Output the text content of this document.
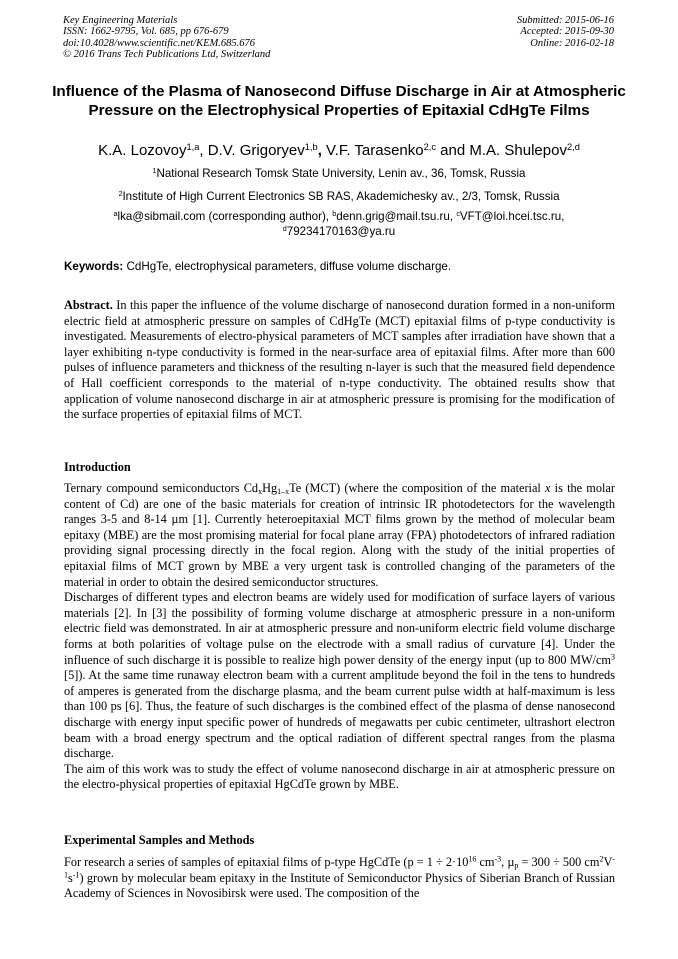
Key Engineering Materials
ISSN: 1662-9795, Vol. 685, pp 676-679
doi:10.4028/www.scientific.net/KEM.685.676
© 2016 Trans Tech Publications Ltd, Switzerland
Submitted: 2015-06-16
Accepted: 2015-09-30
Online: 2016-02-18
Influence of the Plasma of Nanosecond Diffuse Discharge in Air at Atmospheric Pressure on the Electrophysical Properties of Epitaxial CdHgTe Films
K.A. Lozovoy$^{1,a}$, D.V. Grigoryev$^{1,b}$, V.F. Tarasenko$^{2,c}$ and M.A. Shulepov$^{2,d}$
$^1$National Research Tomsk State University, Lenin av., 36, Tomsk, Russia
$^2$Institute of High Current Electronics SB RAS, Akademichesky av., 2/3, Tomsk, Russia
$^a$lka@sibmail.com (corresponding author), $^b$denn.grig@mail.tsu.ru, $^c$VFT@loi.hcei.tsc.ru,
$^d$79234170163@ya.ru
Keywords: CdHgTe, electrophysical parameters, diffuse volume discharge.

Abstract. In this paper the influence of the volume discharge of nanosecond duration formed in a non-uniform electric field at atmospheric pressure on samples of CdHgTe (MCT) epitaxial films of p-type conductivity is investigated. Measurements of electro-physical parameters of MCT samples after irradiation have shown that a layer exhibiting n-type conductivity is formed in the near-surface area of epitaxial films. After more than 600 pulses of influence parameters and thickness of the resulting n-layer is such that the measured field dependence of Hall coefficient corresponds to the material of n-type conductivity. The obtained results show that application of volume nanosecond discharge in air at atmospheric pressure is promising for the modification of the surface properties of epitaxial films of MCT.

Introduction

Ternary compound semiconductors $Cd_xHg_{1-x}Te$ (MCT) (where the composition of the material x is the molar content of Cd) are one of the basic materials for creation of intrinsic IR photodetectors for the wavelength ranges 3-5 and 8-14 µm [1]. Currently heteroepitaxial MCT films grown by the method of molecular beam epitaxy (MBE) are the most promising material for focal plane array (FPA) photodetectors of infrared radiation providing signal processing directly in the focal region. Along with the study of the initial properties of epitaxial films of MCT grown by MBE a very urgent task is controlled changing of the parameters of the material in order to obtain the desired semiconductor structures.

Discharges of different types and electron beams are widely used for modification of surface layers of various materials [2]. In [3] the possibility of forming volume discharge at atmospheric pressure in a non-uniform electric field was demonstrated. In air at atmospheric pressure and non-uniform electric field volume discharge forms at both polarities of voltage pulse on the electrode with a small radius of curvature [4]. Under the influence of such discharge it is possible to realize high power density of the energy input (up to 800 $MW/cm^3$ [5]). At the same time runaway electron beam with a current amplitude beyond the foil in the tens to hundreds of amperes is generated from the discharge plasma, and the beam current pulse width at half-maximum is less than 100 ps [6]. Thus, the feature of such discharges is the combined effect of the plasma of dense nanosecond discharge with energy input specific power of hundreds of megawatts per cubic centimeter, ultrashort electron beam with a broad energy spectrum and the optical radiation of different spectral ranges from the plasma discharge.

The aim of this work was to study the effect of volume nanosecond discharge in air at atmospheric pressure on the electro-physical properties of epitaxial HgCdTe grown by MBE.

Experimental Samples and Methods

For research a series of samples of epitaxial films of p-type HgCdTe ($p = 1 \div 2\cdot 10^{16}$ $cm^{-3}$, µ$_p$ = 300 ÷ 500 $cm^2V^{-1}s^{-1}$) grown by molecular beam epitaxy in the Institute of Semiconductor Physics of Siberian Branch of Russian Academy of Sciences in Novosibirsk were used. The composition of the
